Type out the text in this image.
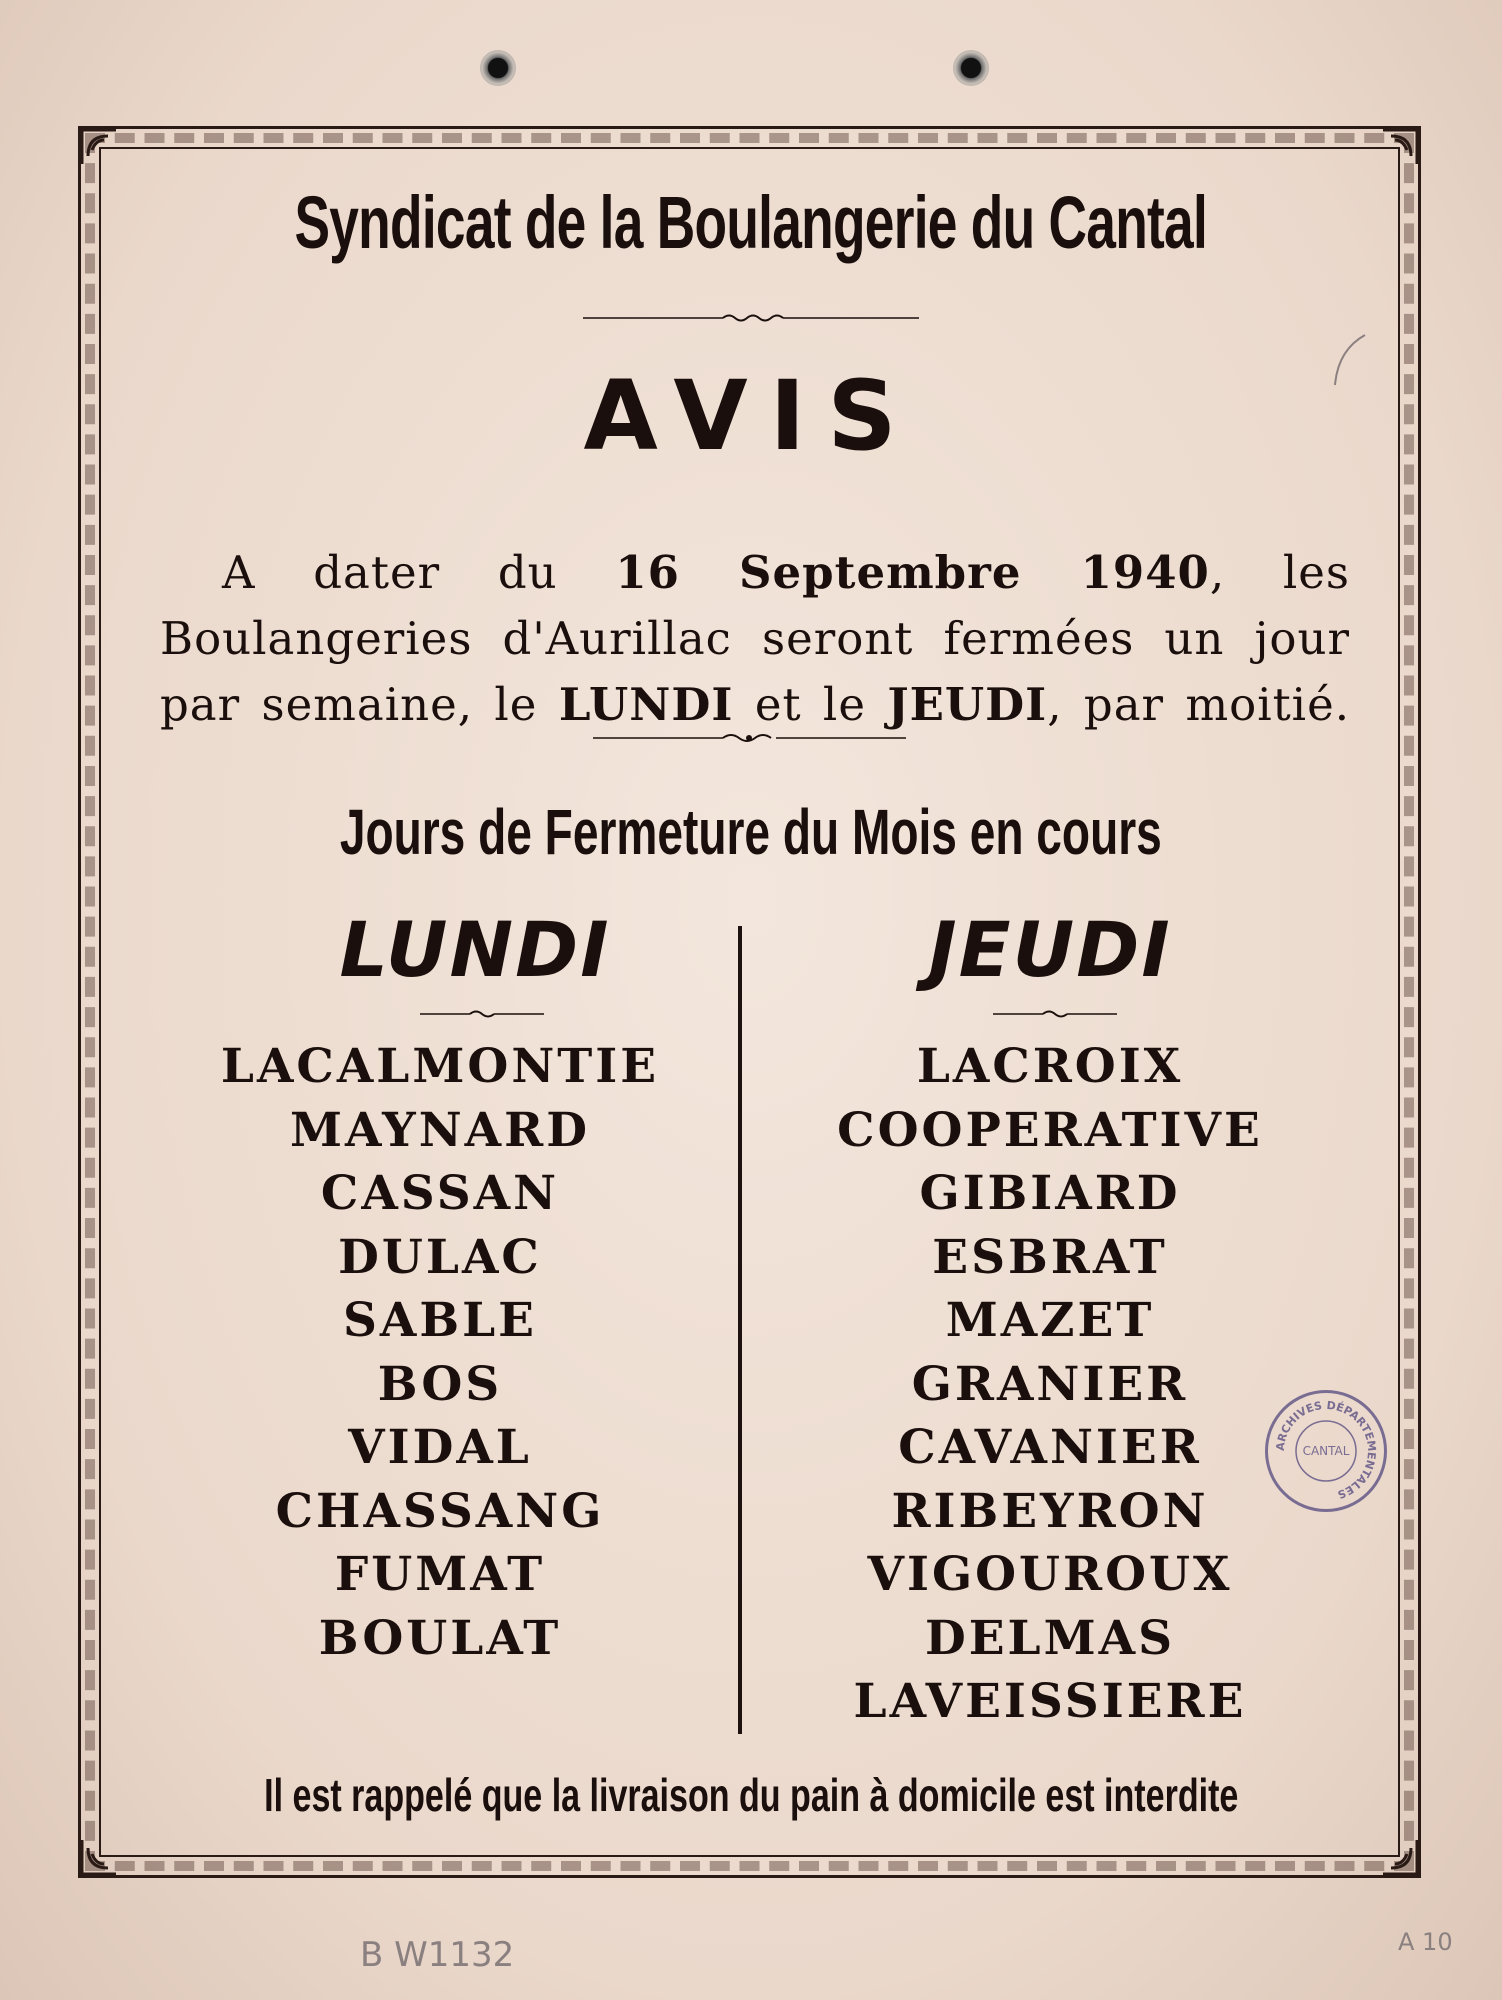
Syndicat de la Boulangerie du Cantal
AVIS

A dater du 16 Septembre 1940, les Boulangeries d'Aurillac seront fermées un jour par semaine, le LUNDI et le JEUDI, par moitié.

Jours de Fermeture du Mois en cours
LUNDI	JEUDI
LACALMONTIE
MAYNARD
CASSAN
DULAC
SABLE
BOS
VIDAL
CHASSANG
FUMAT
BOULAT
LACROIX
COOPERATIVE
GIBIARD
ESBRAT
MAZET
GRANIER
CAVANIER
RIBEYRON
VIGOUROUX
DELMAS
LAVEISSIERE

Il est rappelé que la livraison du pain à domicile est interdite

ARCHIVES DÉPARTEMENTALES
CANTAL
B W1132	A 10
